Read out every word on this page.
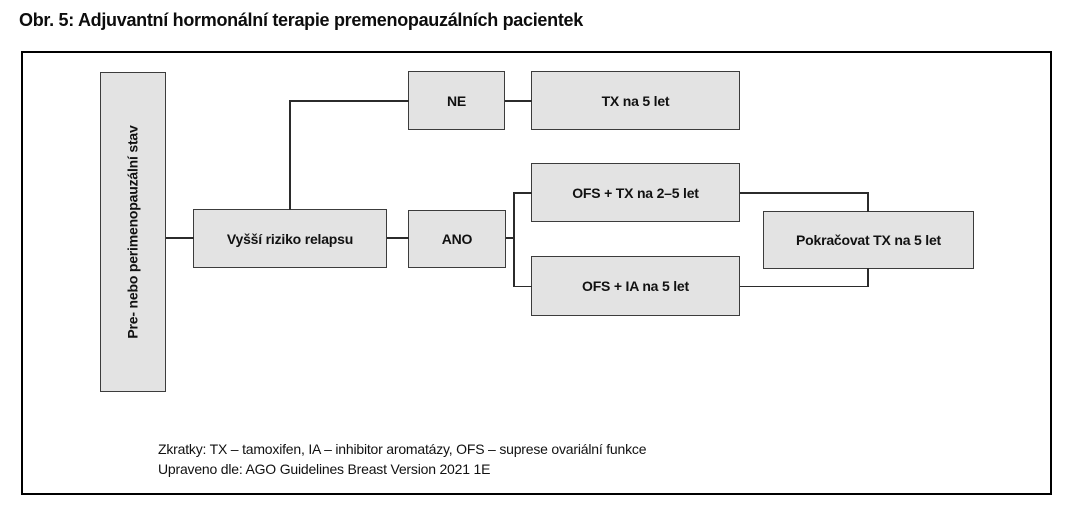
Obr. 5: Adjuvantní hormonální terapie premenopauzálních pacientek
Pre- nebo perimenopauzální stav	Vyšší riziko relapsu
NE	TX na 5 let
ANO
OFS + TX na 2–5 let
OFS + IA na 5 let
Pokračovat TX na 5 let
Zkratky: TX – tamoxifen, IA – inhibitor aromatázy, OFS – suprese ovariální funkce
Upraveno dle: AGO Guidelines Breast Version 2021 1E
